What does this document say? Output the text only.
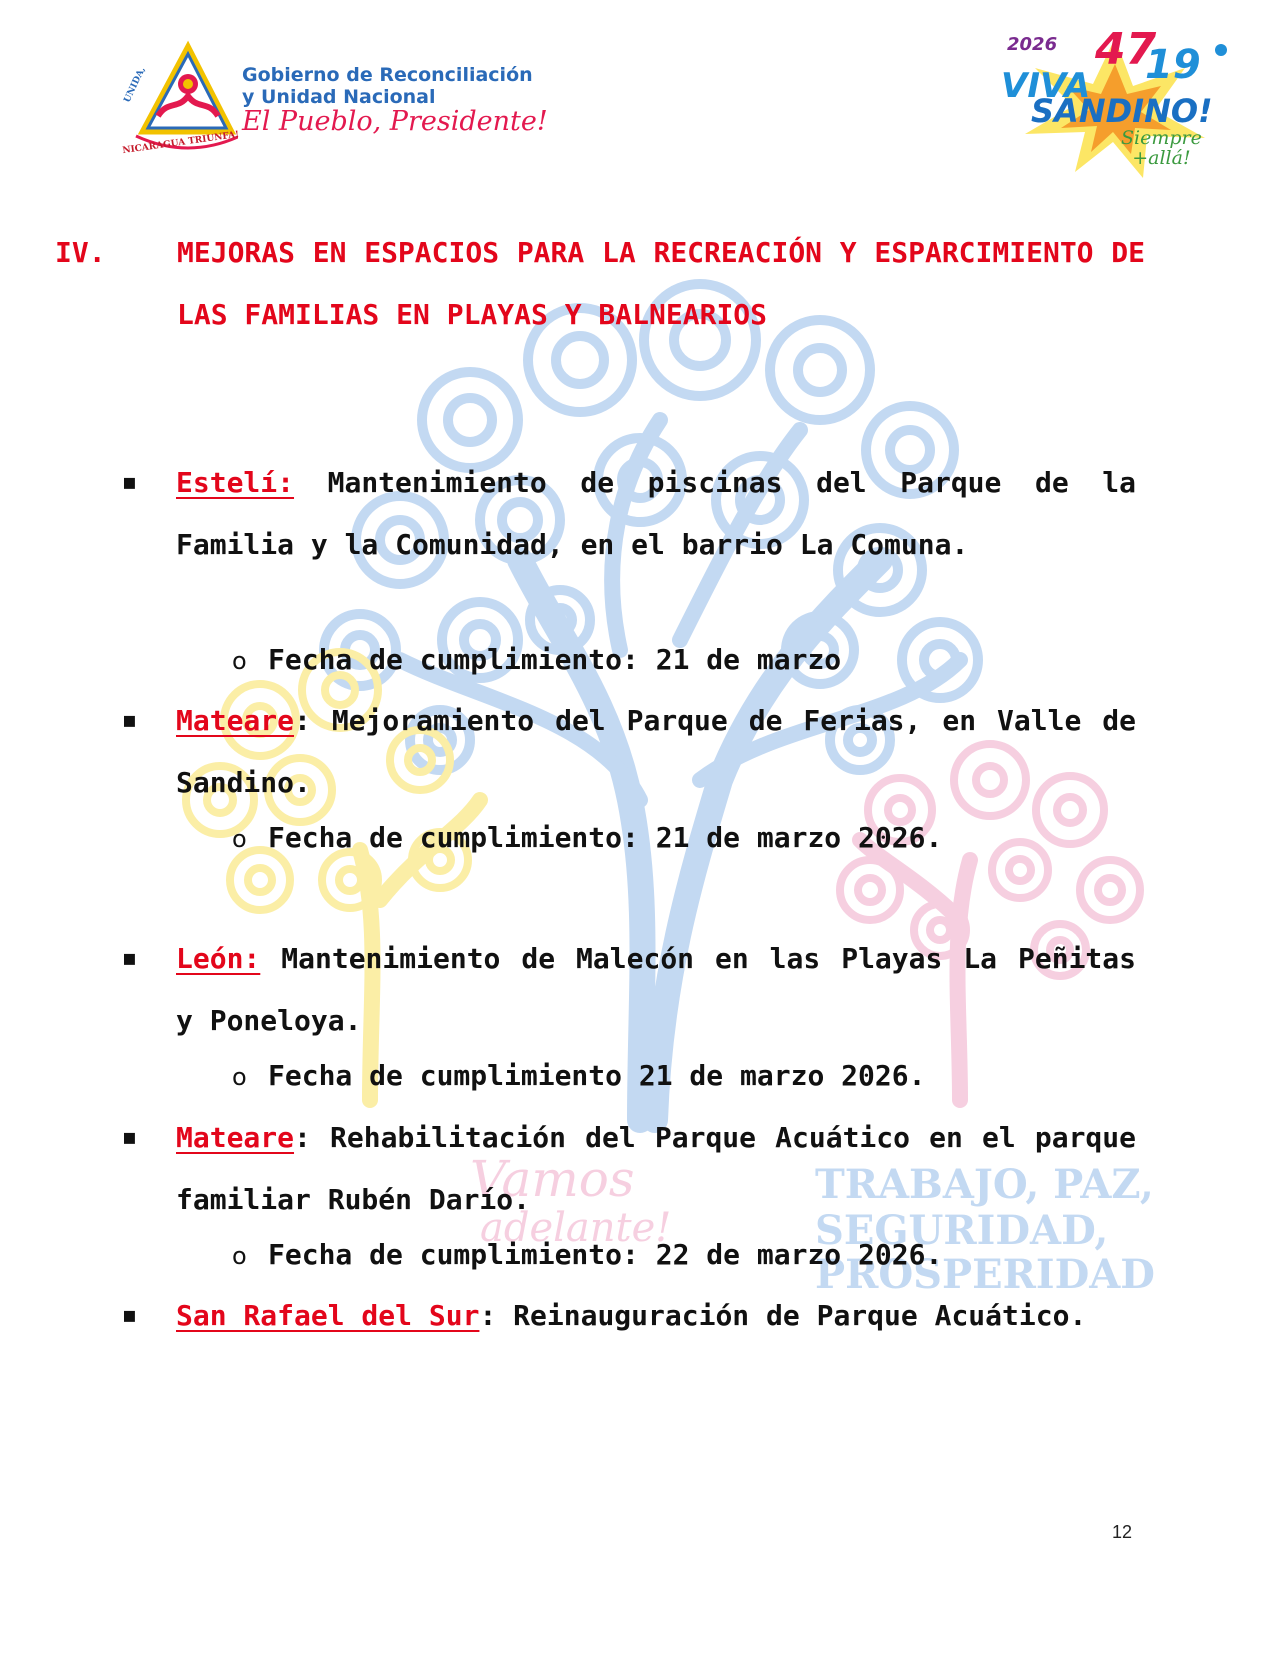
Vamos
adelante!
TRABAJO, PAZ,
SEGURIDAD,
PROSPERIDAD
UNIDA,
NICARAGUA TRIUNFA!
Gobierno de Reconciliación
y Unidad Nacional
El Pueblo, Presidente!
2026 47
19
VIVA
SANDINO!
Siempre
+allá!
IV.	MEJORAS EN ESPACIOS PARA LA RECREACIÓN Y ESPARCIMIENTO DE LAS FAMILIAS EN PLAYAS Y BALNEARIOS
▪ Estelí: Mantenimiento de piscinas del Parque de la Familia y la Comunidad, en el barrio La Comuna.
o Fecha de cumplimiento: 21 de marzo
▪ Mateare: Mejoramiento del Parque de Ferias, en Valle de Sandino.
o Fecha de cumplimiento: 21 de marzo 2026.
▪ León: Mantenimiento de Malecón en las Playas La Peñitas y Poneloya.
o Fecha de cumplimiento 21 de marzo 2026.
▪ Mateare: Rehabilitación del Parque Acuático en el parque familiar Rubén Darío.
o Fecha de cumplimiento: 22 de marzo 2026.
▪ San Rafael del Sur: Reinauguración de Parque Acuático.
12
